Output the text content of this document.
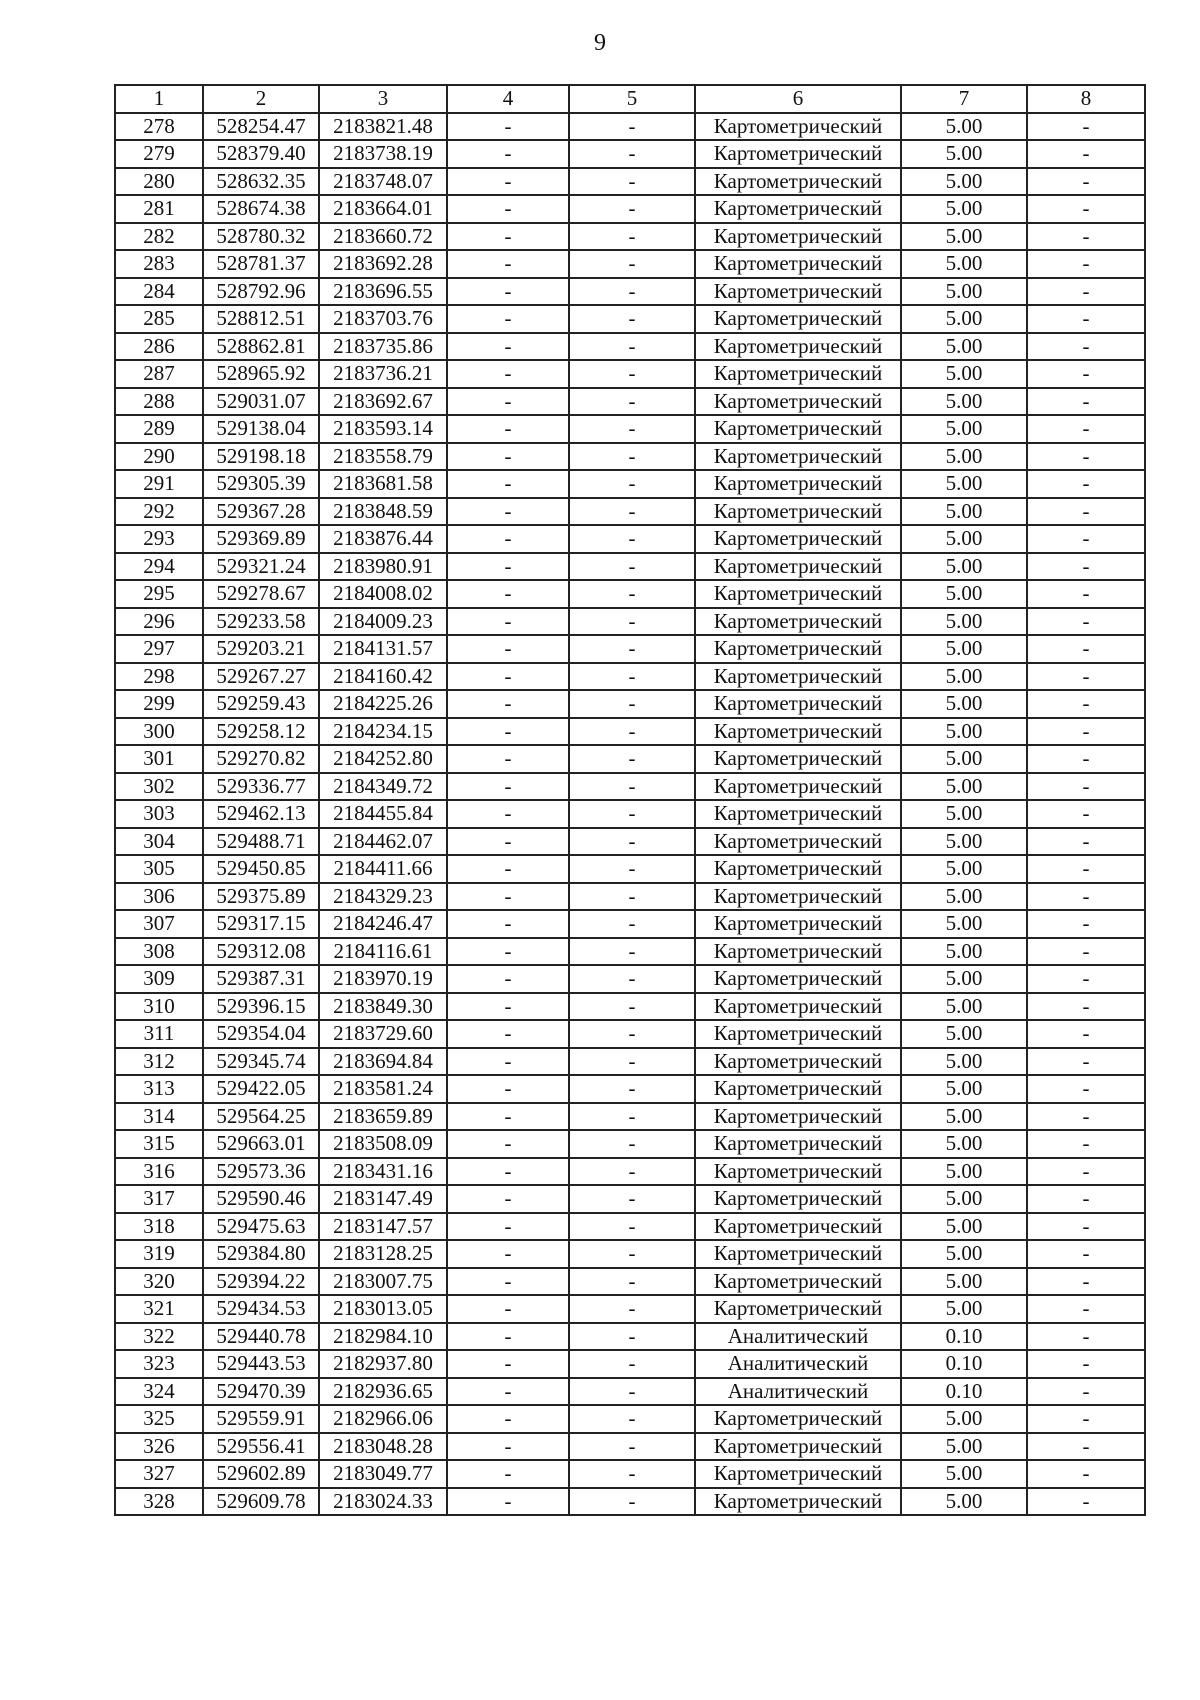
9
1	2	3	4	5	6	7	8
278	528254.47	2183821.48	-	-	Картометрический	5.00	-
279	528379.40	2183738.19	-	-	Картометрический	5.00	-
280	528632.35	2183748.07	-	-	Картометрический	5.00	-
281	528674.38	2183664.01	-	-	Картометрический	5.00	-
282	528780.32	2183660.72	-	-	Картометрический	5.00	-
283	528781.37	2183692.28	-	-	Картометрический	5.00	-
284	528792.96	2183696.55	-	-	Картометрический	5.00	-
285	528812.51	2183703.76	-	-	Картометрический	5.00	-
286	528862.81	2183735.86	-	-	Картометрический	5.00	-
287	528965.92	2183736.21	-	-	Картометрический	5.00	-
288	529031.07	2183692.67	-	-	Картометрический	5.00	-
289	529138.04	2183593.14	-	-	Картометрический	5.00	-
290	529198.18	2183558.79	-	-	Картометрический	5.00	-
291	529305.39	2183681.58	-	-	Картометрический	5.00	-
292	529367.28	2183848.59	-	-	Картометрический	5.00	-
293	529369.89	2183876.44	-	-	Картометрический	5.00	-
294	529321.24	2183980.91	-	-	Картометрический	5.00	-
295	529278.67	2184008.02	-	-	Картометрический	5.00	-
296	529233.58	2184009.23	-	-	Картометрический	5.00	-
297	529203.21	2184131.57	-	-	Картометрический	5.00	-
298	529267.27	2184160.42	-	-	Картометрический	5.00	-
299	529259.43	2184225.26	-	-	Картометрический	5.00	-
300	529258.12	2184234.15	-	-	Картометрический	5.00	-
301	529270.82	2184252.80	-	-	Картометрический	5.00	-
302	529336.77	2184349.72	-	-	Картометрический	5.00	-
303	529462.13	2184455.84	-	-	Картометрический	5.00	-
304	529488.71	2184462.07	-	-	Картометрический	5.00	-
305	529450.85	2184411.66	-	-	Картометрический	5.00	-
306	529375.89	2184329.23	-	-	Картометрический	5.00	-
307	529317.15	2184246.47	-	-	Картометрический	5.00	-
308	529312.08	2184116.61	-	-	Картометрический	5.00	-
309	529387.31	2183970.19	-	-	Картометрический	5.00	-
310	529396.15	2183849.30	-	-	Картометрический	5.00	-
311	529354.04	2183729.60	-	-	Картометрический	5.00	-
312	529345.74	2183694.84	-	-	Картометрический	5.00	-
313	529422.05	2183581.24	-	-	Картометрический	5.00	-
314	529564.25	2183659.89	-	-	Картометрический	5.00	-
315	529663.01	2183508.09	-	-	Картометрический	5.00	-
316	529573.36	2183431.16	-	-	Картометрический	5.00	-
317	529590.46	2183147.49	-	-	Картометрический	5.00	-
318	529475.63	2183147.57	-	-	Картометрический	5.00	-
319	529384.80	2183128.25	-	-	Картометрический	5.00	-
320	529394.22	2183007.75	-	-	Картометрический	5.00	-
321	529434.53	2183013.05	-	-	Картометрический	5.00	-
322	529440.78	2182984.10	-	-	Аналитический	0.10	-
323	529443.53	2182937.80	-	-	Аналитический	0.10	-
324	529470.39	2182936.65	-	-	Аналитический	0.10	-
325	529559.91	2182966.06	-	-	Картометрический	5.00	-
326	529556.41	2183048.28	-	-	Картометрический	5.00	-
327	529602.89	2183049.77	-	-	Картометрический	5.00	-
328	529609.78	2183024.33	-	-	Картометрический	5.00	-
